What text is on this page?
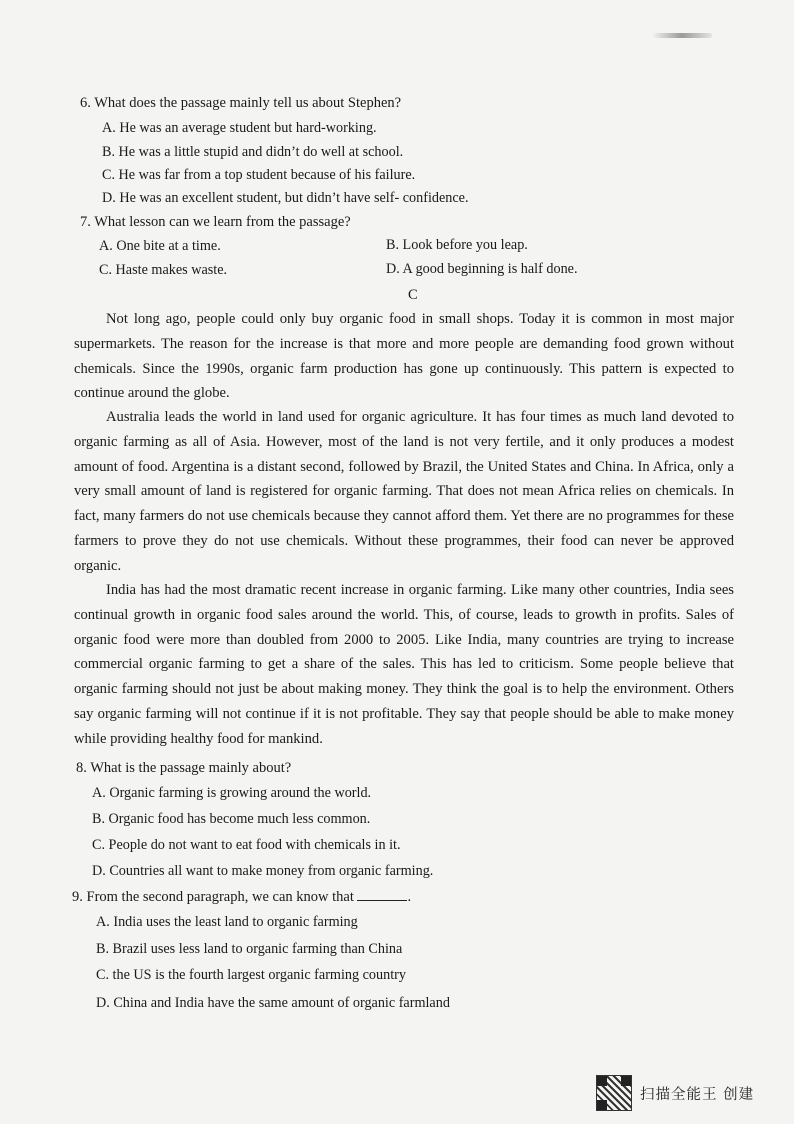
6. What does the passage mainly tell us about Stephen?
A. He was an average student but hard-working.
B. He was a little stupid and didn’t do well at school.
C. He was far from a top student because of his failure.
D. He was an excellent student, but didn’t have self- confidence.
7. What lesson can we learn from the passage?
A. One bite at a time.	B. Look before you leap.
C. Haste makes waste.	D. A good beginning is half done.
C

Not long ago, people could only buy organic food in small shops. Today it is common in most major supermarkets. The reason for the increase is that more and more people are demanding food grown without chemicals. Since the 1990s, organic farm production has gone up continuously. This pattern is expected to continue around the globe.

Australia leads the world in land used for organic agriculture. It has four times as much land devoted to organic farming as all of Asia. However, most of the land is not very fertile, and it only produces a modest amount of food. Argentina is a distant second, followed by Brazil, the United States and China. In Africa, only a very small amount of land is registered for organic farming. That does not mean Africa relies on chemicals. In fact, many farmers do not use chemicals because they cannot afford them. Yet there are no programmes for these farmers to prove they do not use chemicals. Without these programmes, their food can never be approved organic.

India has had the most dramatic recent increase in organic farming. Like many other countries, India sees continual growth in organic food sales around the world. This, of course, leads to growth in profits. Sales of organic food were more than doubled from 2000 to 2005. Like India, many countries are trying to increase commercial organic farming to get a share of the sales. This has led to criticism. Some people believe that organic farming should not just be about making money. They think the goal is to help the environment. Others say organic farming will not continue if it is not profitable. They say that people should be able to make money while providing healthy food for mankind.

8. What is the passage mainly about?
A. Organic farming is growing around the world.
B. Organic food has become much less common.
C. People do not want to eat food with chemicals in it.
D. Countries all want to make money from organic farming.
9. From the second paragraph, we can know that	.
A. India uses the least land to organic farming
B. Brazil uses less land to organic farming than China
C. the US is the fourth largest organic farming country
D. China and India have the same amount of organic farmland
扫描全能王 创建
